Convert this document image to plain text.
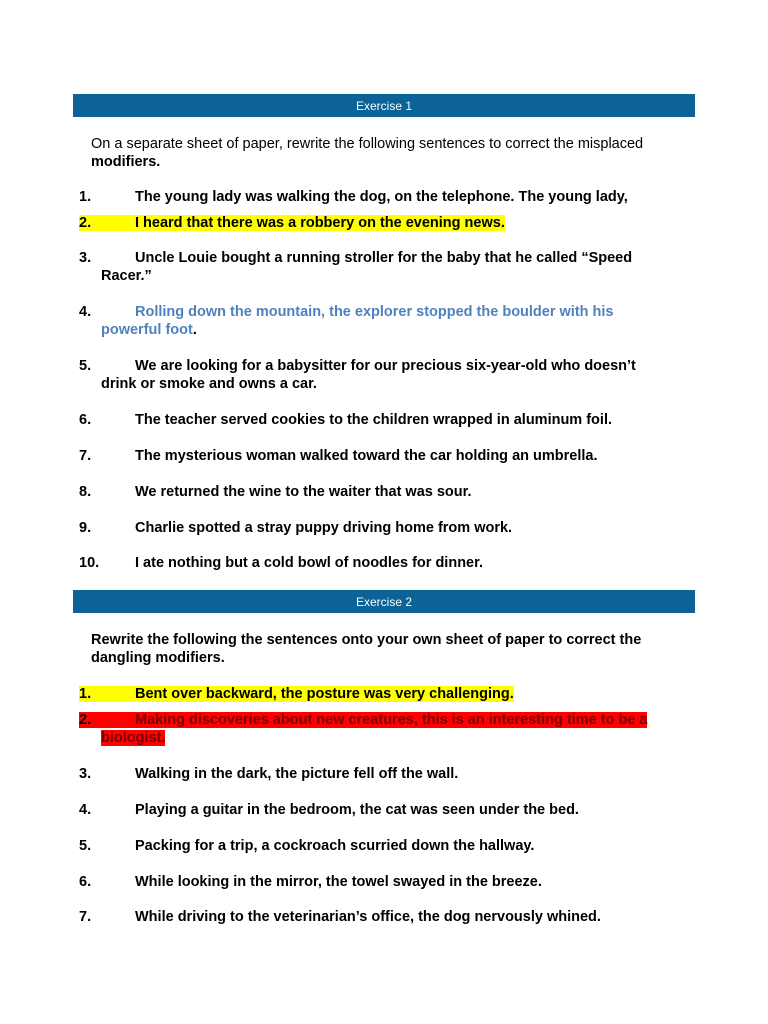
Exercise 1
On a separate sheet of paper, rewrite the following sentences to correct the misplaced modifiers.
1.	The young lady was walking the dog, on the telephone. The young lady,
2.	I heard that there was a robbery on the evening news.
3.	Uncle Louie bought a running stroller for the baby that he called “Speed
Racer.”
4.	Rolling down the mountain, the explorer stopped the boulder with his
powerful foot.
5.	We are looking for a babysitter for our precious six-year-old who doesn’t
drink or smoke and owns a car.
6.	The teacher served cookies to the children wrapped in aluminum foil.
7.	The mysterious woman walked toward the car holding an umbrella.
8.	We returned the wine to the waiter that was sour.
9.	Charlie spotted a stray puppy driving home from work.
10. I ate nothing but a cold bowl of noodles for dinner.
Exercise 2
Rewrite the following the sentences onto your own sheet of paper to correct the
dangling modifiers.
1.	Bent over backward, the posture was very challenging.
2.	Making discoveries about new creatures, this is an interesting time to be a
biologist.
3.	Walking in the dark, the picture fell off the wall.
4.	Playing a guitar in the bedroom, the cat was seen under the bed.
5.	Packing for a trip, a cockroach scurried down the hallway.
6.	While looking in the mirror, the towel swayed in the breeze.
7.	While driving to the veterinarian’s office, the dog nervously whined.
